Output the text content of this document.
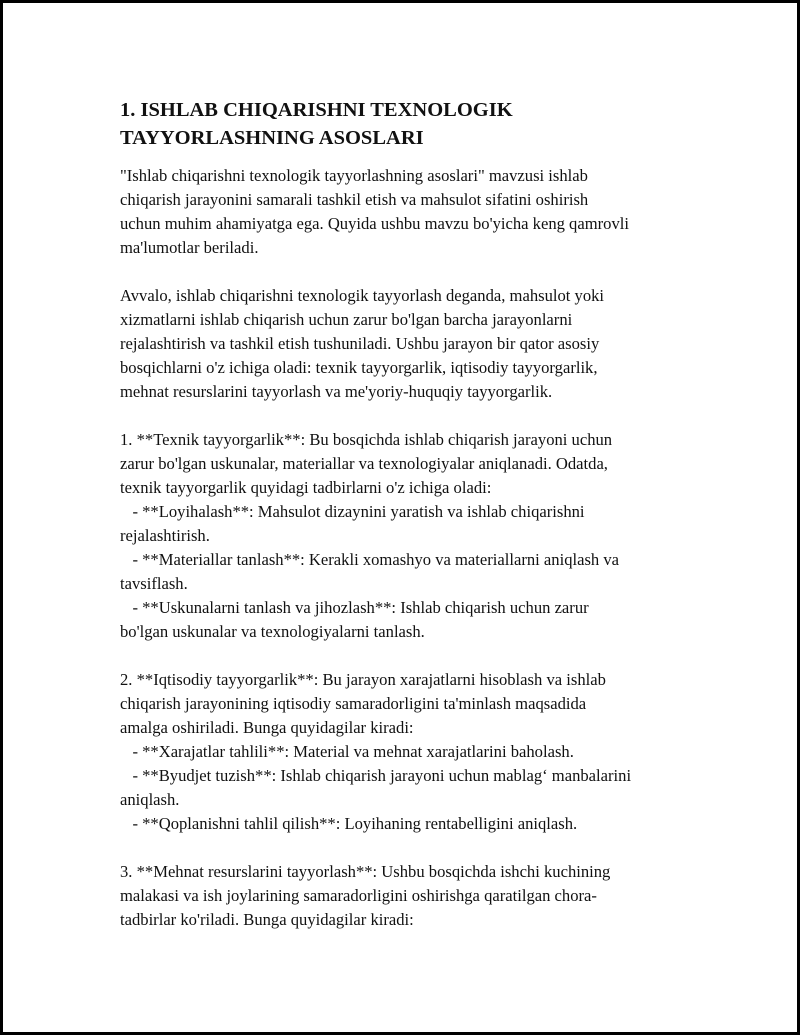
1. ISHLAB CHIQARISHNI TEXNOLOGIK
TAYYORLASHNING ASOSLARI

"Ishlab chiqarishni texnologik tayyorlashning asoslari" mavzusi ishlab
chiqarish jarayonini samarali tashkil etish va mahsulot sifatini oshirish
uchun muhim ahamiyatga ega. Quyida ushbu mavzu bo'yicha keng qamrovli
ma'lumotlar beriladi.

Avvalo, ishlab chiqarishni texnologik tayyorlash deganda, mahsulot yoki
xizmatlarni ishlab chiqarish uchun zarur bo'lgan barcha jarayonlarni
rejalashtirish va tashkil etish tushuniladi. Ushbu jarayon bir qator asosiy
bosqichlarni o'z ichiga oladi: texnik tayyorgarlik, iqtisodiy tayyorgarlik,
mehnat resurslarini tayyorlash va me'yoriy-huquqiy tayyorgarlik.

1. **Texnik tayyorgarlik**: Bu bosqichda ishlab chiqarish jarayoni uchun
zarur bo'lgan uskunalar, materiallar va texnologiyalar aniqlanadi. Odatda,
texnik tayyorgarlik quyidagi tadbirlarni o'z ichiga oladi:
- **Loyihalash**: Mahsulot dizaynini yaratish va ishlab chiqarishni
rejalashtirish.
- **Materiallar tanlash**: Kerakli xomashyo va materiallarni aniqlash va
tavsiflash.
- **Uskunalarni tanlash va jihozlash**: Ishlab chiqarish uchun zarur
bo'lgan uskunalar va texnologiyalarni tanlash.

2. **Iqtisodiy tayyorgarlik**: Bu jarayon xarajatlarni hisoblash va ishlab
chiqarish jarayonining iqtisodiy samaradorligini ta'minlash maqsadida
amalga oshiriladi. Bunga quyidagilar kiradi:
- **Xarajatlar tahlili**: Material va mehnat xarajatlarini baholash.
- **Byudjet tuzish**: Ishlab chiqarish jarayoni uchun mablag‘ manbalarini
aniqlash.
- **Qoplanishni tahlil qilish**: Loyihaning rentabelligini aniqlash.

3. **Mehnat resurslarini tayyorlash**: Ushbu bosqichda ishchi kuchining
malakasi va ish joylarining samaradorligini oshirishga qaratilgan chora-
tadbirlar ko'riladi. Bunga quyidagilar kiradi:
